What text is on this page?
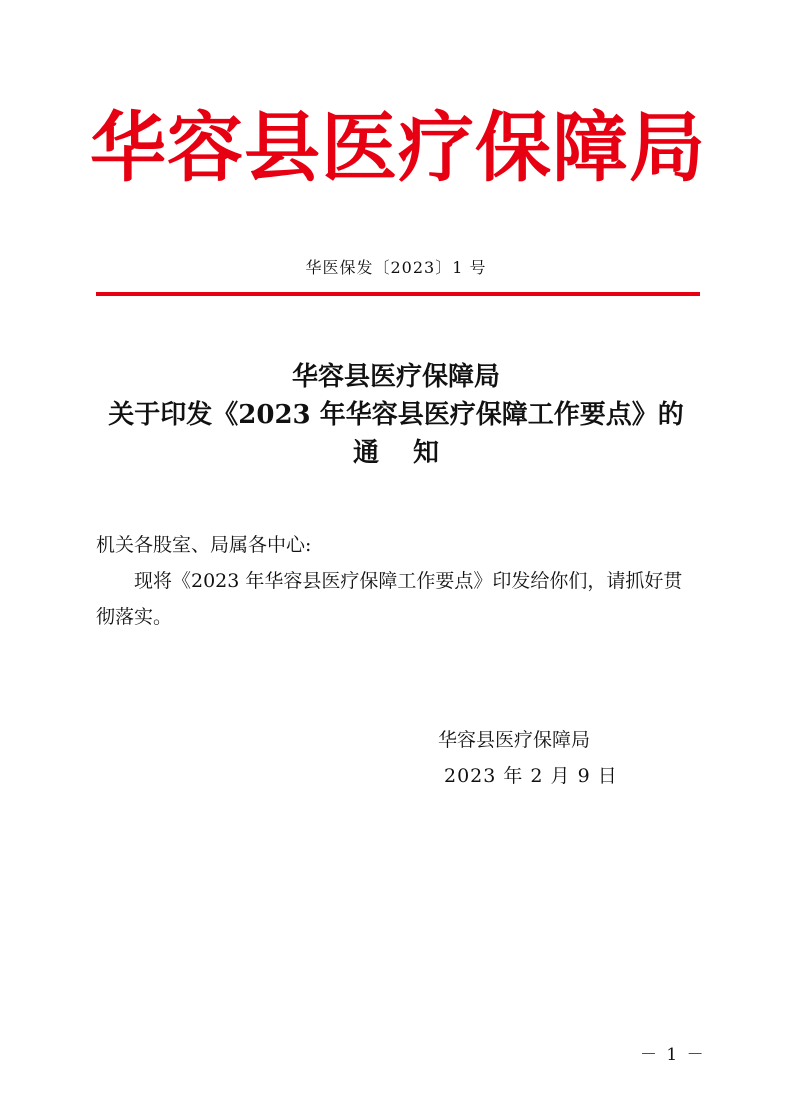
华容县医疗保障局
华医保发〔2023〕1 号
华容县医疗保障局
关于印发《2023 年华容县医疗保障工作要点》的
通知
机关各股室、局属各中心:
现将《2023 年华容县医疗保障工作要点》印发给你们，请抓好贯彻落实。
华容县医疗保障局
2023 年 2 月 9 日
－ 1 －
